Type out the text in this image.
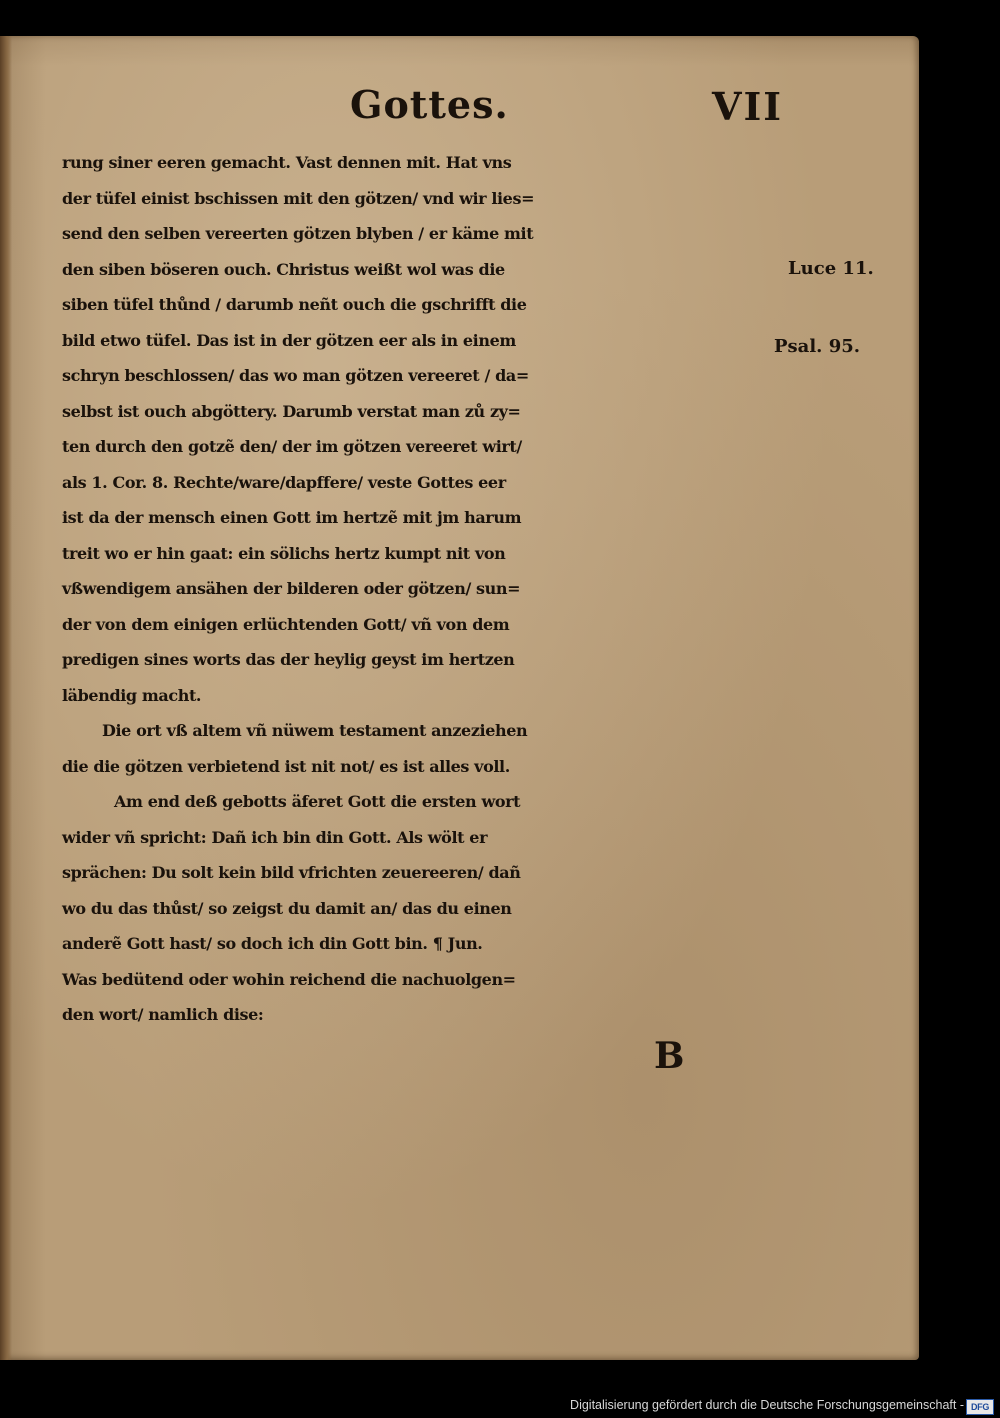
Gottes.	VII
rung siner eeren gemacht. Vast dennen mit. Hat vns
der tüfel einist bschissen mit den götzen/ vnd wir lies=
send den selben vereerten götzen blyben / er käme mit
den siben böseren ouch. Christus weißt wol was die
siben tüfel thůnd / darumb neñt ouch die gschrifft die
bild etwo tüfel. Das ist in der götzen eer als in einem
schryn beschlossen/ das wo man götzen vereeret / da=
selbst ist ouch abgöttery. Darumb verstat man zů zy=
ten durch den gotzẽ den/ der im götzen vereeret wirt/
als 1. Cor. 8. Rechte/ware/dapffere/ veste Gottes eer
ist da der mensch einen Gott im hertzẽ mit jm harum
treit wo er hin gaat: ein sölichs hertz kumpt nit von
vßwendigem ansähen der bilderen oder götzen/ sun=
der von dem einigen erlüchtenden Gott/ vñ von dem
predigen sines worts das der heylig geyst im hertzen
läbendig macht.
Die ort vß altem vñ nüwem testament anzeziehen
die die götzen verbietend ist nit not/ es ist alles voll.
Am end deß gebotts äferet Gott die ersten wort
wider vñ spricht: Dañ ich bin din Gott. Als wölt er
sprächen: Du solt kein bild vfrichten zeuereeren/ dañ
wo du das thůst/ so zeigst du damit an/ das du einen
anderẽ Gott hast/ so doch ich din Gott bin. ¶ Jun.
Was bedütend oder wohin reichend die nachuolgen=
den wort/ namlich dise:
Luce 11.
Psal. 95.
B
Digitalisierung gefördert durch die Deutsche Forschungsgemeinschaft - DFG
